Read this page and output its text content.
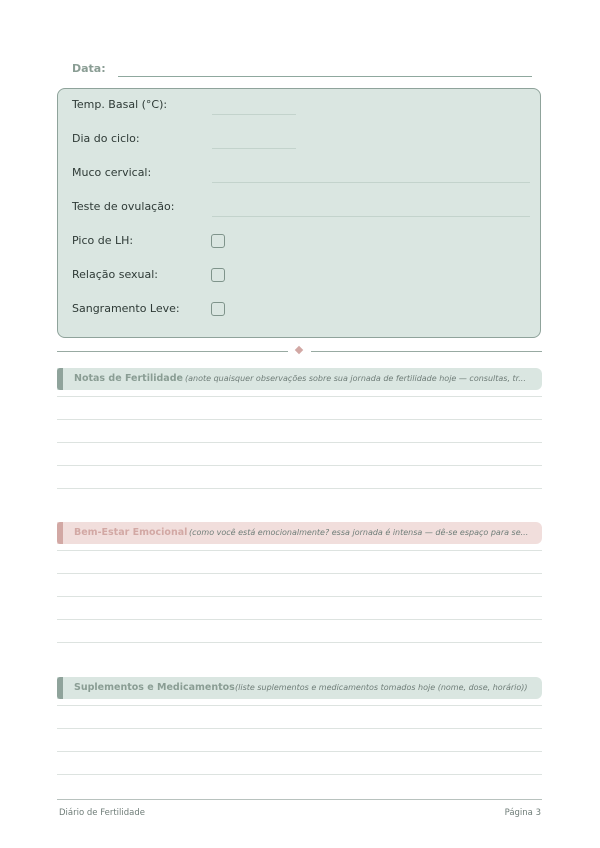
Data:
Temp. Basal (°C):
Dia do ciclo:
Muco cervical:
Teste de ovulação:
Pico de LH:
Relação sexual:
Sangramento Leve:
Notas de Fertilidade (anote quaisquer observações sobre sua jornada de fertilidade hoje — consultas, tr...
Bem-Estar Emocional (como você está emocionalmente? essa jornada é intensa — dê-se espaço para se...
Suplementos e Medicamentos (liste suplementos e medicamentos tomados hoje (nome, dose, horário))
Diário de Fertilidade	Página 3
